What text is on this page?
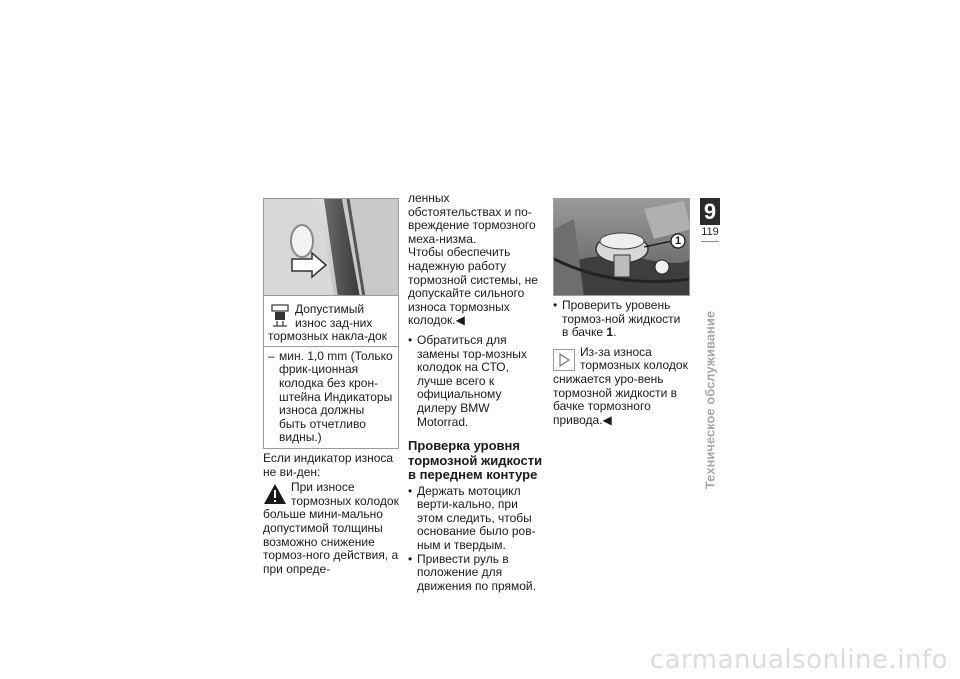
Допустимый износ зад-них тормозных накла-док

– мин. 1,0 mm (Только фрик-ционная колодка без крон-штейна Индикаторы износа должны быть отчетливо видны.)

Если индикатор износа не ви-ден:

При износе тормозных колодок больше мини-мально допустимой толщины возможно снижение тормоз-ного действия, а при опреде-

ленных обстоятельствах и по-вреждение тормозного меха-низма.

Чтобы обеспечить надежную работу тормозной системы, не допускайте сильного износа тормозных колодок.◀

• Обратиться для замены тор-мозных колодок на СТО, лучше всего к официальному дилеру BMW Motorrad.
Проверка уровня тормозной жидкости в переднем контуре
• Держать мотоцикл верти-кально, при этом следить, чтобы основание было ров-ным и твердым.
• Привести руль в положение для движения по прямой.
1
• Проверить уровень тормоз-ной жидкости в бачке 1.

Из-за износа тормозных колодок снижается уро-вень тормозной жидкости в бачке тормозного привода.◀

9
119
Техническое обслуживание
carmanualsonline.info
